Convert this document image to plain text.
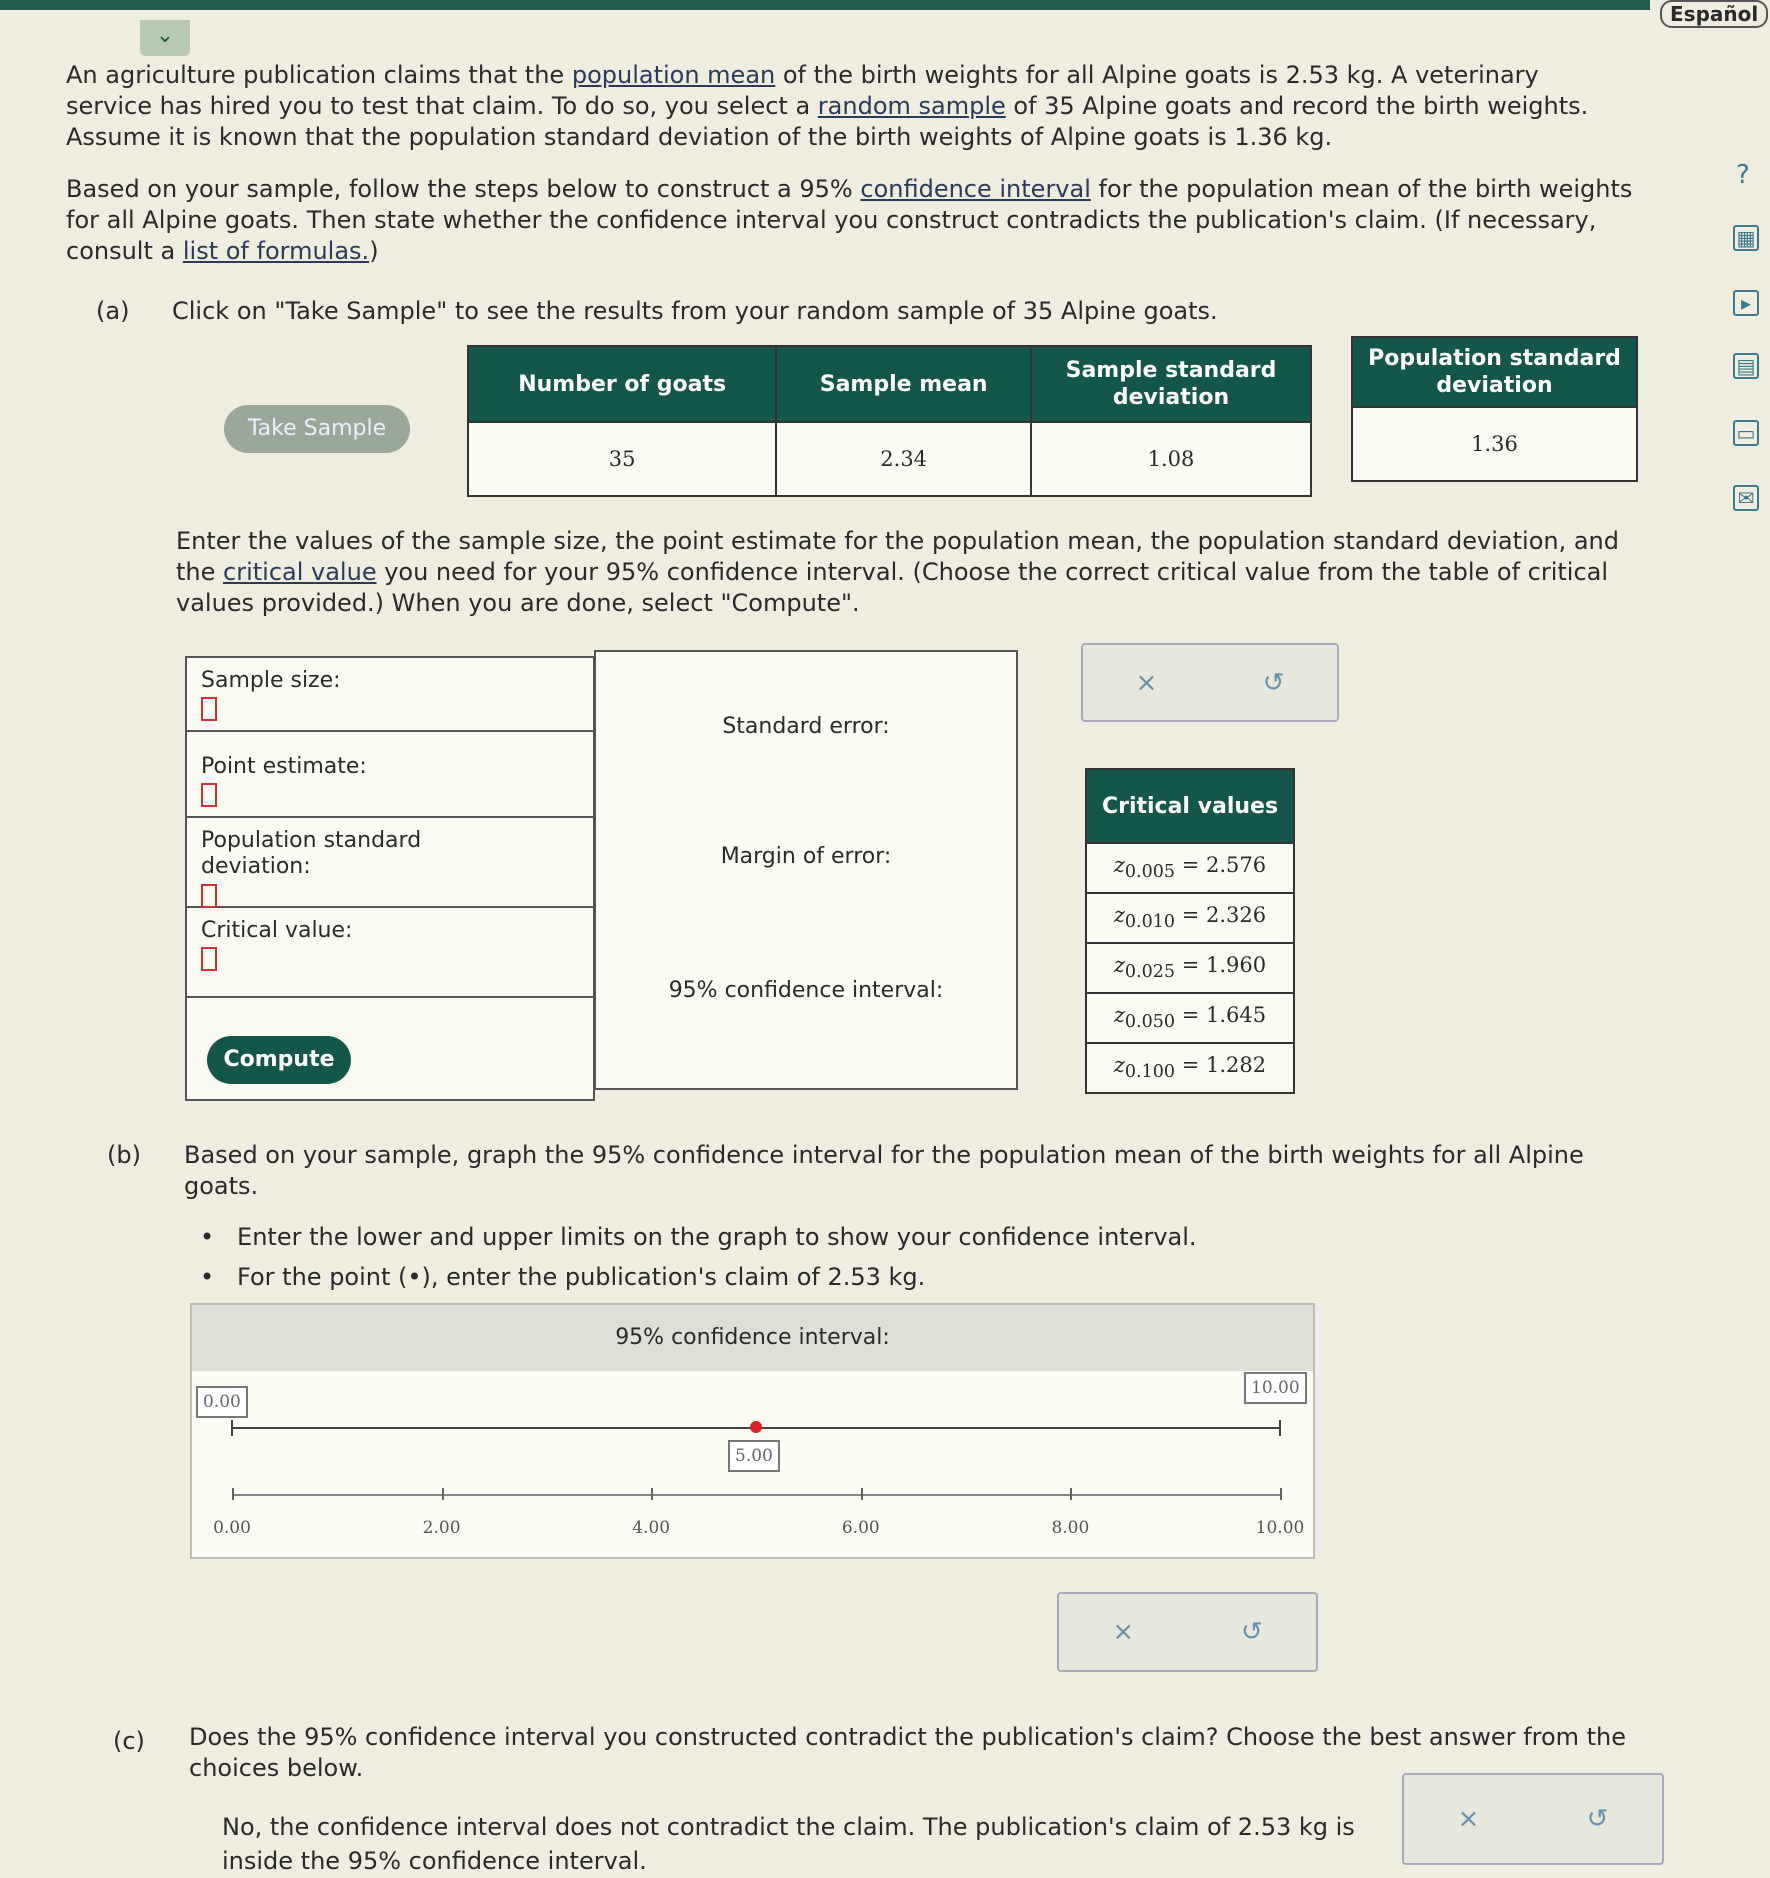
⌄
Español
An agriculture publication claims that the population mean of the birth weights for all Alpine goats is 2.53 kg. A veterinary service has hired you to test that claim. To do so, you select a random sample of 35 Alpine goats and record the birth weights. Assume it is known that the population standard deviation of the birth weights of Alpine goats is 1.36 kg.
Based on your sample, follow the steps below to construct a 95% confidence interval for the population mean of the birth weights for all Alpine goats. Then state whether the confidence interval you construct contradicts the publication's claim. (If necessary, consult a list of formulas.)
(a)	Click on "Take Sample" to see the results from your random sample of 35 Alpine goats.
Take Sample
Number of goats	Sample mean	Sample standard deviation
35	2.34	1.08
Population standard deviation
1.36
Enter the values of the sample size, the point estimate for the population mean, the population standard deviation, and the critical value you need for your 95% confidence interval. (Choose the correct critical value from the table of critical values provided.) When you are done, select "Compute".
Sample size:
Point estimate:
Population standard deviation:
Critical value:
Compute
Standard error:
Margin of error:
95% confidence interval:
×	↺
Critical values
$z_{0.005} = 2.576$
$z_{0.010} = 2.326$
$z_{0.025} = 1.960$
$z_{0.050} = 1.645$
$z_{0.100} = 1.282$
(b)	Based on your sample, graph the 95% confidence interval for the population mean of the birth weights for all Alpine goats.
•   Enter the lower and upper limits on the graph to show your confidence interval.
•   For the point (•), enter the publication's claim of 2.53 kg.
95% confidence interval:
0.00
10.00
5.00
0.00	2.00	4.00	6.00	8.00	10.00
×	↺
(c)	Does the 95% confidence interval you constructed contradict the publication's claim? Choose the best answer from the choices below.
No, the confidence interval does not contradict the claim. The publication's claim of 2.53 kg is inside the 95% confidence interval.
×	↺
?
▦
▸
▤
▭
✉
